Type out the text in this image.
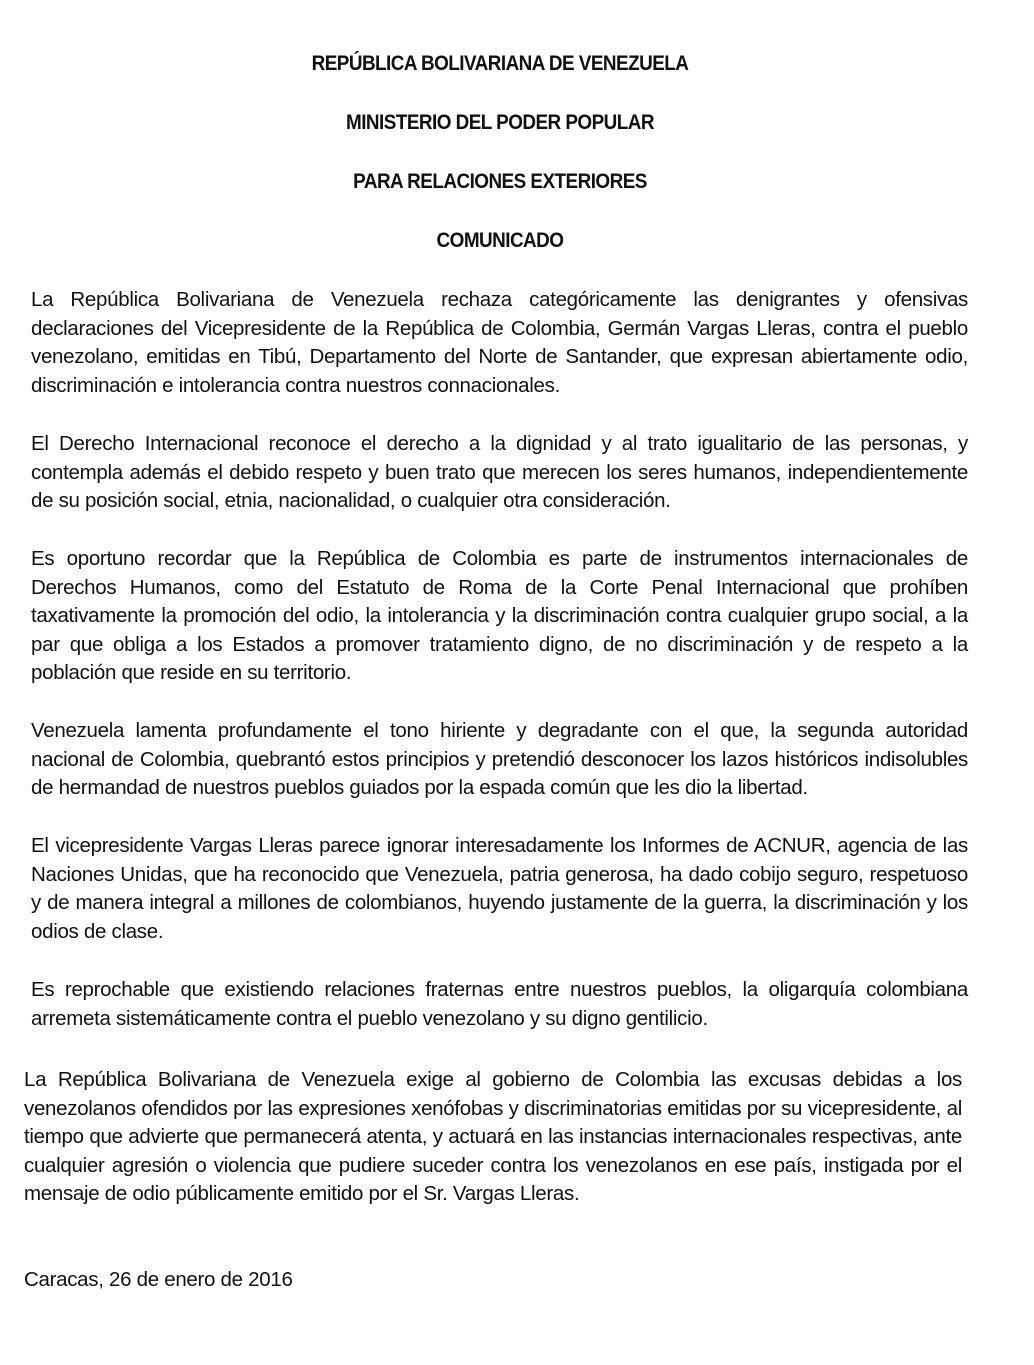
REPÚBLICA BOLIVARIANA DE VENEZUELA
MINISTERIO DEL PODER POPULAR
PARA RELACIONES EXTERIORES
COMUNICADO

La República Bolivariana de Venezuela rechaza categóricamente las denigrantes y ofensivas declaraciones del Vicepresidente de la República de Colombia, Germán Vargas Lleras, contra el pueblo venezolano, emitidas en Tibú, Departamento del Norte de Santander, que expresan abiertamente odio, discriminación e intolerancia contra nuestros connacionales.

El Derecho Internacional reconoce el derecho a la dignidad y al trato igualitario de las personas, y contempla además el debido respeto y buen trato que merecen los seres humanos, independientemente de su posición social, etnia, nacionalidad, o cualquier otra consideración.

Es oportuno recordar que la República de Colombia es parte de instrumentos internacionales de Derechos Humanos, como del Estatuto de Roma de la Corte Penal Internacional que prohíben taxativamente la promoción del odio, la intolerancia y la discriminación contra cualquier grupo social, a la par que obliga a los Estados a promover tratamiento digno, de no discriminación y de respeto a la población que reside en su territorio.

Venezuela lamenta profundamente el tono hiriente y degradante con el que, la segunda autoridad nacional de Colombia, quebrantó estos principios y pretendió desconocer los lazos históricos indisolubles de hermandad de nuestros pueblos guiados por la espada común que les dio la libertad.

El vicepresidente Vargas Lleras parece ignorar interesadamente los Informes de ACNUR, agencia de las Naciones Unidas, que ha reconocido que Venezuela, patria generosa, ha dado cobijo seguro, respetuoso y de manera integral a millones de colombianos, huyendo justamente de la guerra, la discriminación y los odios de clase.

Es reprochable que existiendo relaciones fraternas entre nuestros pueblos, la oligarquía colombiana arremeta sistemáticamente contra el pueblo venezolano y su digno gentilicio.

La República Bolivariana de Venezuela exige al gobierno de Colombia las excusas debidas a los venezolanos ofendidos por las expresiones xenófobas y discriminatorias emitidas por su vicepresidente, al tiempo que advierte que permanecerá atenta, y actuará en las instancias internacionales respectivas, ante cualquier agresión o violencia que pudiere suceder contra los venezolanos en ese país, instigada por el mensaje de odio públicamente emitido por el Sr. Vargas Lleras.

Caracas, 26 de enero de 2016
